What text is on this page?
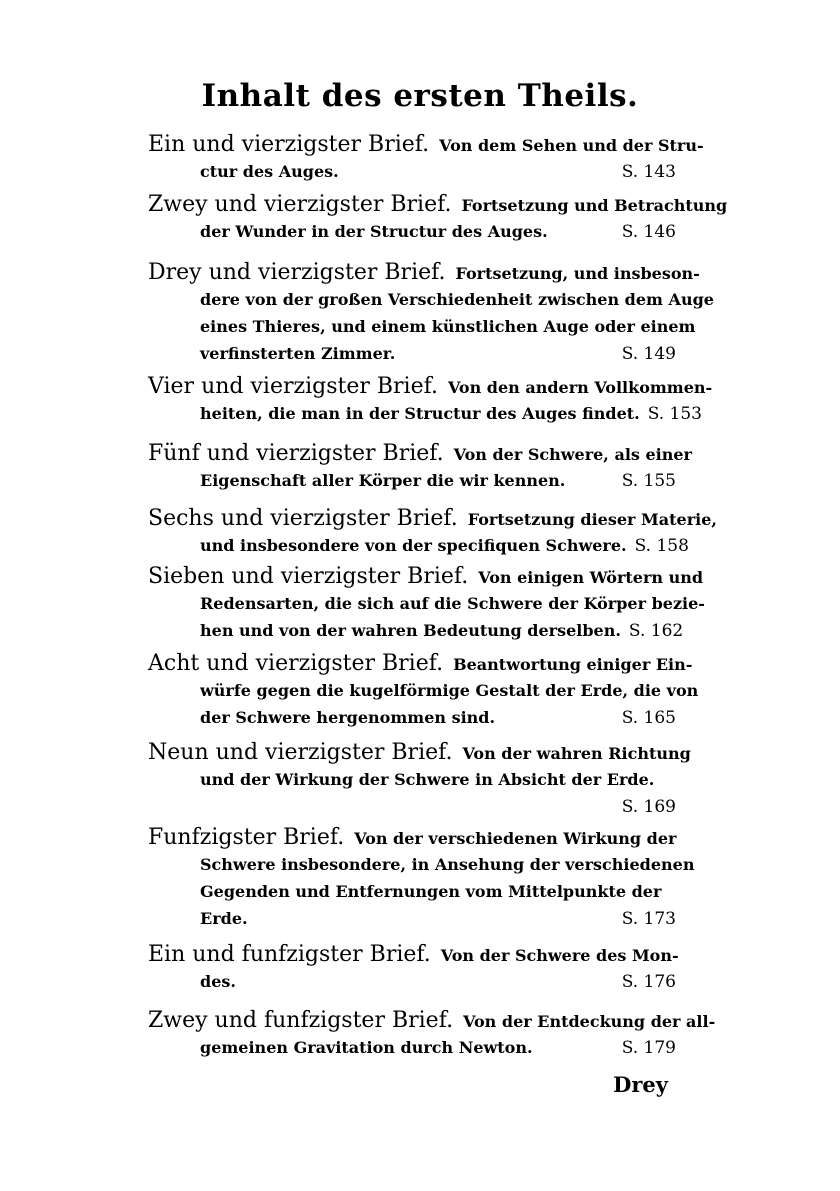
Inhalt des ersten Theils.
Ein und vierzigster Brief. Von dem Sehen und der Stru-
ctur des Auges.	S. 143
Zwey und vierzigster Brief. Fortsetzung und Betrachtung
der Wunder in der Structur des Auges.	S. 146
Drey und vierzigster Brief. Fortsetzung, und insbeson-
dere von der großen Verschiedenheit zwischen dem Auge
eines Thieres, und einem künstlichen Auge oder einem
verfinsterten Zimmer.	S. 149
Vier und vierzigster Brief. Von den andern Vollkommen-
heiten, die man in der Structur des Auges findet. S. 153
Fünf und vierzigster Brief. Von der Schwere, als einer
Eigenschaft aller Körper die wir kennen.	S. 155
Sechs und vierzigster Brief. Fortsetzung dieser Materie,
und insbesondere von der specifiquen Schwere. S. 158
Sieben und vierzigster Brief. Von einigen Wörtern und
Redensarten, die sich auf die Schwere der Körper bezie-
hen und von der wahren Bedeutung derselben. S. 162
Acht und vierzigster Brief. Beantwortung einiger Ein-
würfe gegen die kugelförmige Gestalt der Erde, die von
der Schwere hergenommen sind.	S. 165
Neun und vierzigster Brief. Von der wahren Richtung
und der Wirkung der Schwere in Absicht der Erde.
S. 169
Funfzigster Brief. Von der verschiedenen Wirkung der
Schwere insbesondere, in Ansehung der verschiedenen
Gegenden und Entfernungen vom Mittelpunkte der
Erde.	S. 173
Ein und funfzigster Brief. Von der Schwere des Mon-
des.	S. 176
Zwey und funfzigster Brief. Von der Entdeckung der all-
gemeinen Gravitation durch Newton.	S. 179
Drey
